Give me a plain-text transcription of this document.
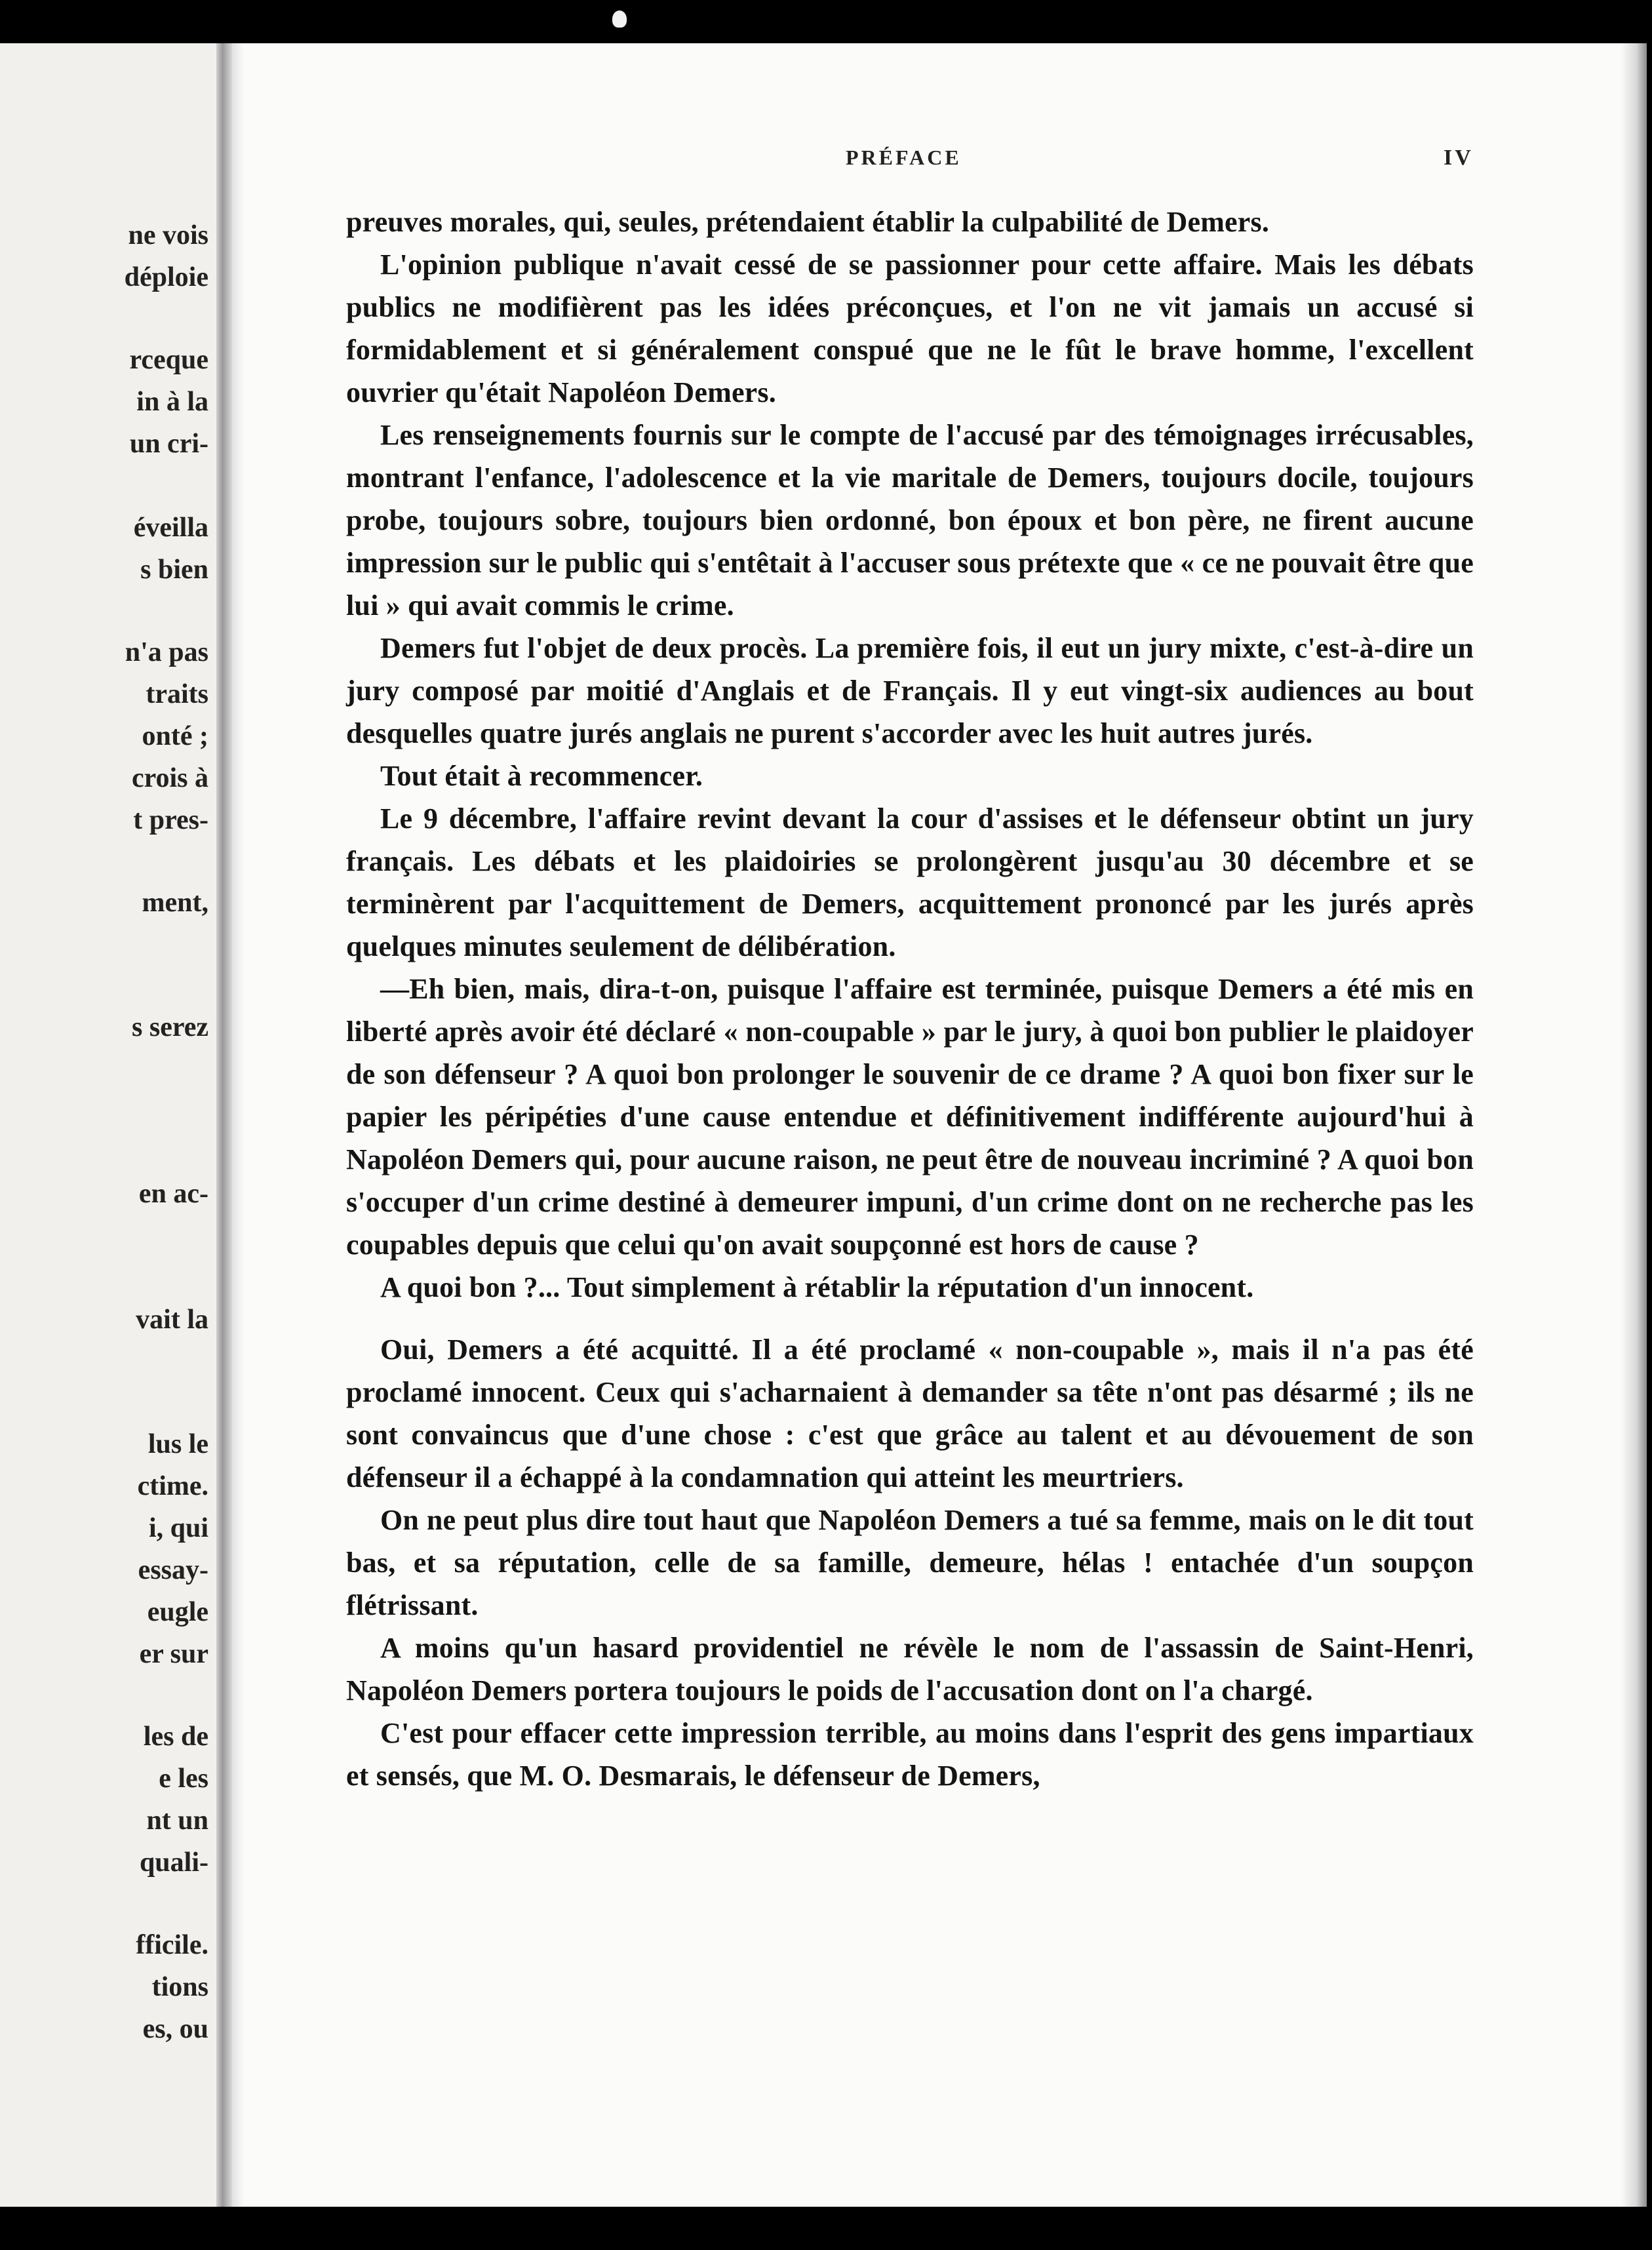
ne vois
déploie
rceque
in à la
un cri-
éveilla
s bien
n'a pas
traits
onté ;
crois à
t pres-
ment,
s serez
en ac-
vait la
lus le
ctime.
i, qui
essay-
eugle
er sur
les de
e les
nt un
quali-
fficile.
tions
es, ou
PRÉFACE	IV

preuves morales, qui, seules, prétendaient établir la culpabilité de Demers.

L'opinion publique n'avait cessé de se passionner pour cette affaire. Mais les débats publics ne modifièrent pas les idées préconçues, et l'on ne vit jamais un accusé si formidablement et si généralement conspué que ne le fût le brave homme, l'excellent ouvrier qu'était Napoléon Demers.

Les renseignements fournis sur le compte de l'accusé par des témoignages irrécusables, montrant l'enfance, l'adolescence et la vie maritale de Demers, toujours docile, toujours probe, toujours sobre, toujours bien ordonné, bon époux et bon père, ne firent aucune impression sur le public qui s'entêtait à l'accuser sous prétexte que « ce ne pouvait être que lui » qui avait commis le crime.

Demers fut l'objet de deux procès. La première fois, il eut un jury mixte, c'est-à-dire un jury composé par moitié d'Anglais et de Français. Il y eut vingt-six audiences au bout desquelles quatre jurés anglais ne purent s'accorder avec les huit autres jurés.

Tout était à recommencer.

Le 9 décembre, l'affaire revint devant la cour d'assises et le défenseur obtint un jury français. Les débats et les plaidoiries se prolongèrent jusqu'au 30 décembre et se terminèrent par l'acquittement de Demers, acquittement prononcé par les jurés après quelques minutes seulement de délibération.

—Eh bien, mais, dira-t-on, puisque l'affaire est terminée, puisque Demers a été mis en liberté après avoir été déclaré « non-coupable » par le jury, à quoi bon publier le plaidoyer de son défenseur ? A quoi bon prolonger le souvenir de ce drame ? A quoi bon fixer sur le papier les péripéties d'une cause entendue et définitivement indifférente aujourd'hui à Napoléon Demers qui, pour aucune raison, ne peut être de nouveau incriminé ? A quoi bon s'occuper d'un crime destiné à demeurer impuni, d'un crime dont on ne recherche pas les coupables depuis que celui qu'on avait soupçonné est hors de cause ?

A quoi bon ?... Tout simplement à rétablir la réputation d'un innocent.

Oui, Demers a été acquitté. Il a été proclamé « non-coupable », mais il n'a pas été proclamé innocent. Ceux qui s'acharnaient à demander sa tête n'ont pas désarmé ; ils ne sont convaincus que d'une chose : c'est que grâce au talent et au dévouement de son défenseur il a échappé à la condamnation qui atteint les meurtriers.

On ne peut plus dire tout haut que Napoléon Demers a tué sa femme, mais on le dit tout bas, et sa réputation, celle de sa famille, demeure, hélas ! entachée d'un soupçon flétrissant.

A moins qu'un hasard providentiel ne révèle le nom de l'assassin de Saint-Henri, Napoléon Demers portera toujours le poids de l'accusation dont on l'a chargé.

C'est pour effacer cette impression terrible, au moins dans l'esprit des gens impartiaux et sensés, que M. O. Desmarais, le défenseur de Demers,
